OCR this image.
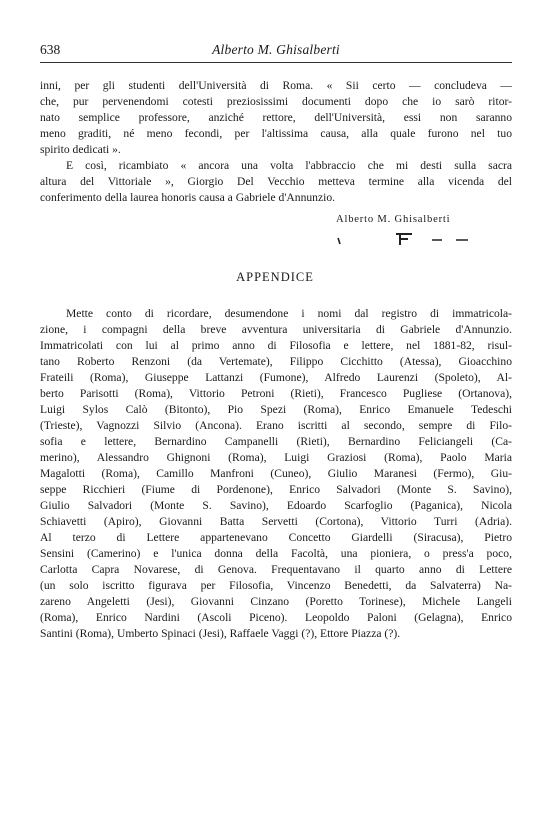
638	Alberto M. Ghisalberti
inni, per gli studenti dell'Università di Roma. « Sii certo — concludeva —
che, pur pervenendomi cotesti preziosissimi documenti dopo che io sarò ritor-
nato semplice professore, anziché rettore, dell'Università, essi non saranno
meno graditi, né meno fecondi, per l'altissima causa, alla quale furono nel tuo
spirito dedicati ».
E così, ricambiato « ancora una volta l'abbraccio che mi desti sulla sacra
altura del Vittoriale », Giorgio Del Vecchio metteva termine alla vicenda del
conferimento della laurea honoris causa a Gabriele d'Annunzio.
Alberto M. Ghisalberti
APPENDICE
Mette conto di ricordare, desumendone i nomi dal registro di immatricola-
zione, i compagni della breve avventura universitaria di Gabriele d'Annunzio.
Immatricolati con lui al primo anno di Filosofia e lettere, nel 1881-82, risul-
tano Roberto Renzoni (da Vertemate), Filippo Cicchitto (Atessa), Gioacchino
Frateili (Roma), Giuseppe Lattanzi (Fumone), Alfredo Laurenzi (Spoleto), Al-
berto Parisotti (Roma), Vittorio Petroni (Rieti), Francesco Pugliese (Ortanova),
Luigi Sylos Calò (Bitonto), Pio Spezi (Roma), Enrico Emanuele Tedeschi
(Trieste), Vagnozzi Silvio (Ancona). Erano iscritti al secondo, sempre di Filo-
sofia e lettere, Bernardino Campanelli (Rieti), Bernardino Feliciangeli (Ca-
merino), Alessandro Ghignoni (Roma), Luigi Graziosi (Roma), Paolo Maria
Magalotti (Roma), Camillo Manfroni (Cuneo), Giulio Maranesi (Fermo), Giu-
seppe Ricchieri (Fiume di Pordenone), Enrico Salvadori (Monte S. Savino),
Giulio Salvadori (Monte S. Savino), Edoardo Scarfoglio (Paganica), Nicola
Schiavetti (Apiro), Giovanni Batta Servetti (Cortona), Vittorio Turri (Adria).
Al terzo di Lettere appartenevano Concetto Giardelli (Siracusa), Pietro
Sensini (Camerino) e l'unica donna della Facoltà, una pioniera, o press'a poco,
Carlotta Capra Novarese, di Genova. Frequentavano il quarto anno di Lettere
(un solo iscritto figurava per Filosofia, Vincenzo Benedetti, da Salvaterra) Na-
zareno Angeletti (Jesi), Giovanni Cinzano (Poretto Torinese), Michele Langeli
(Roma), Enrico Nardini (Ascoli Piceno). Leopoldo Paloni (Gelagna), Enrico
Santini (Roma), Umberto Spinaci (Jesi), Raffaele Vaggi (?), Ettore Piazza (?).
